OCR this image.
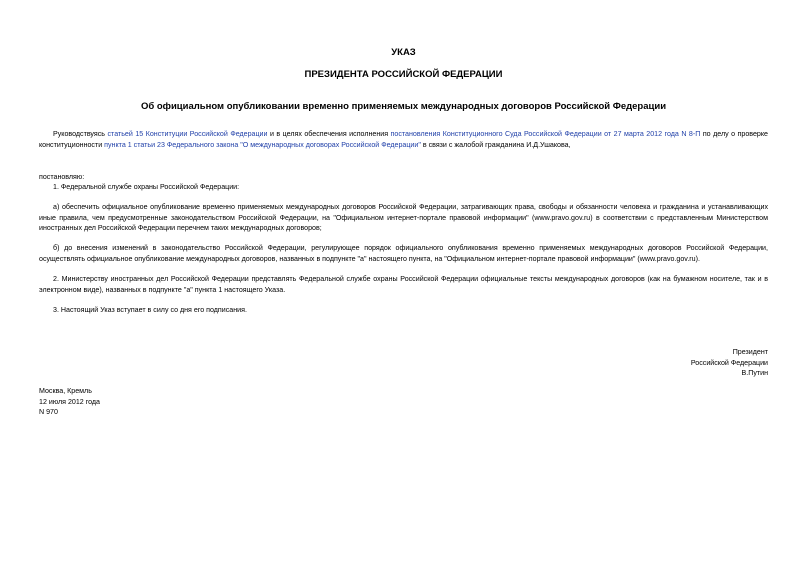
УКАЗ
ПРЕЗИДЕНТА РОССИЙСКОЙ ФЕДЕРАЦИИ
Об официальном опубликовании временно применяемых международных договоров Российской Федерации

Руководствуясь статьей 15 Конституции Российской Федерации и в целях обеспечения исполнения постановления Конституционного Суда Российской Федерации от 27 марта 2012 года N 8-П по делу о проверке конституционности пункта 1 статьи 23 Федерального закона "О международных договорах Российской Федерации" в связи с жалобой гражданина И.Д.Ушакова,

постановляю:

1. Федеральной службе охраны Российской Федерации:

а) обеспечить официальное опубликование временно применяемых международных договоров Российской Федерации, затрагивающих права, свободы и обязанности человека и гражданина и устанавливающих иные правила, чем предусмотренные законодательством Российской Федерации, на "Официальном интернет-портале правовой информации" (www.pravo.gov.ru) в соответствии с представленным Министерством иностранных дел Российской Федерации перечнем таких международных договоров;

б) до внесения изменений в законодательство Российской Федерации, регулирующее порядок официального опубликования временно применяемых международных договоров Российской Федерации, осуществлять официальное опубликование международных договоров, названных в подпункте "а" настоящего пункта, на "Официальном интернет-портале правовой информации" (www.pravo.gov.ru).

2. Министерству иностранных дел Российской Федерации представлять Федеральной службе охраны Российской Федерации официальные тексты международных договоров (как на бумажном носителе, так и в электронном виде), названных в подпункте "а" пункта 1 настоящего Указа.

3. Настоящий Указ вступает в силу со дня его подписания.

Президент
Российской Федерации
В.Путин
Москва, Кремль
12 июля 2012 года
N 970
